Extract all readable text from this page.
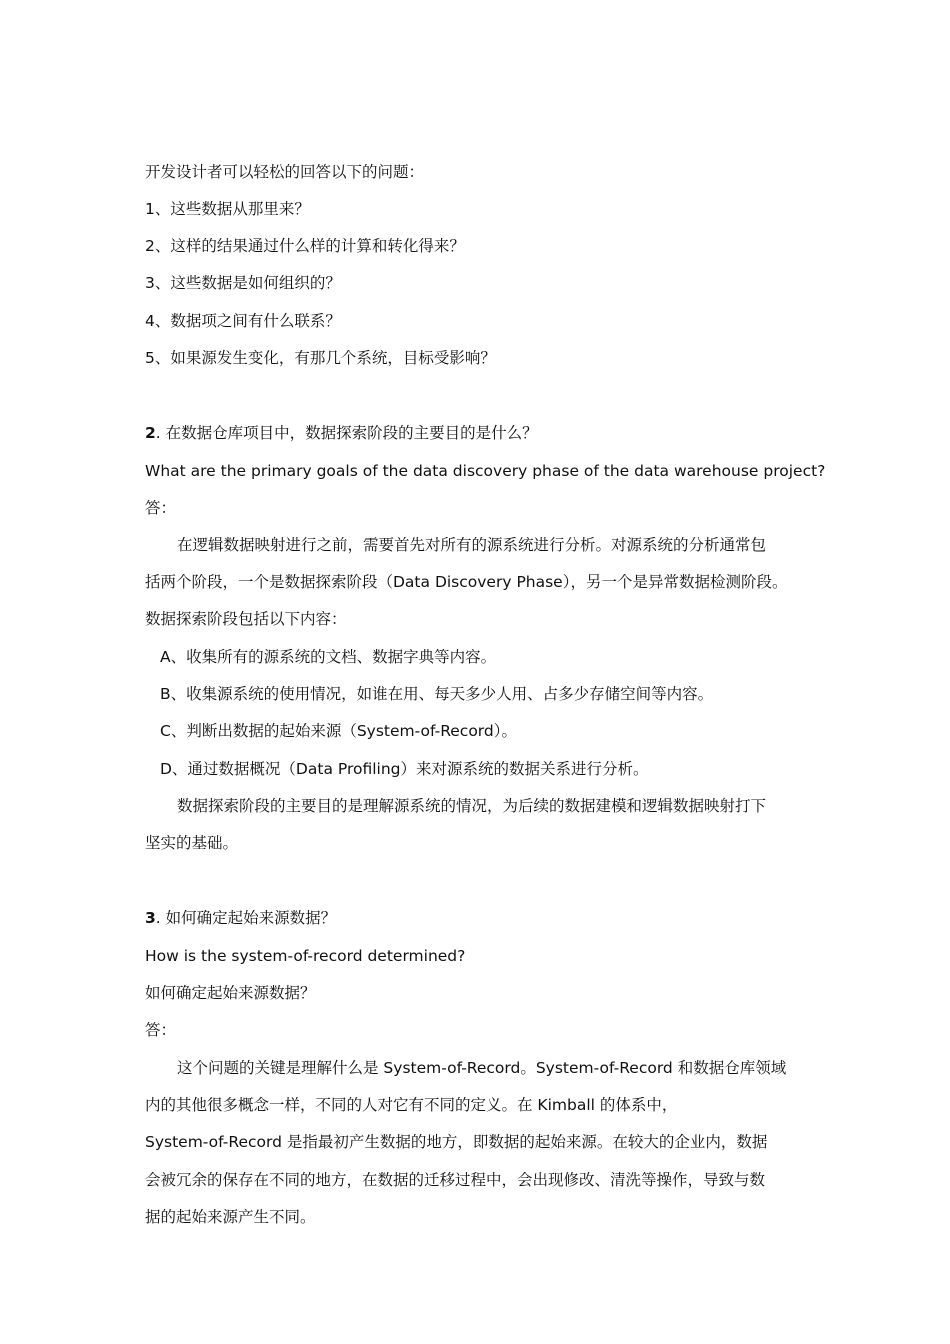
开发设计者可以轻松的回答以下的问题：
1、这些数据从那里来？
2、这样的结果通过什么样的计算和转化得来？
3、这些数据是如何组织的？
4、数据项之间有什么联系？
5、如果源发生变化，有那几个系统，目标受影响？
2. 在数据仓库项目中，数据探索阶段的主要目的是什么？
What are the primary goals of the data discovery phase of the data warehouse project?
答：
在逻辑数据映射进行之前，需要首先对所有的源系统进行分析。对源系统的分析通常包
括两个阶段，一个是数据探索阶段（Data Discovery Phase），另一个是异常数据检测阶段。
数据探索阶段包括以下内容：
A、收集所有的源系统的文档、数据字典等内容。
B、收集源系统的使用情况，如谁在用、每天多少人用、占多少存储空间等内容。
C、判断出数据的起始来源（System-of-Record）。
D、通过数据概况（Data Profiling）来对源系统的数据关系进行分析。
数据探索阶段的主要目的是理解源系统的情况，为后续的数据建模和逻辑数据映射打下
坚实的基础。
3. 如何确定起始来源数据？
How is the system-of-record determined?
如何确定起始来源数据？
答：
这个问题的关键是理解什么是 System-of-Record。System-of-Record 和数据仓库领域
内的其他很多概念一样，不同的人对它有不同的定义。在 Kimball 的体系中，
System-of-Record 是指最初产生数据的地方，即数据的起始来源。在较大的企业内，数据
会被冗余的保存在不同的地方，在数据的迁移过程中，会出现修改、清洗等操作，导致与数
据的起始来源产生不同。
